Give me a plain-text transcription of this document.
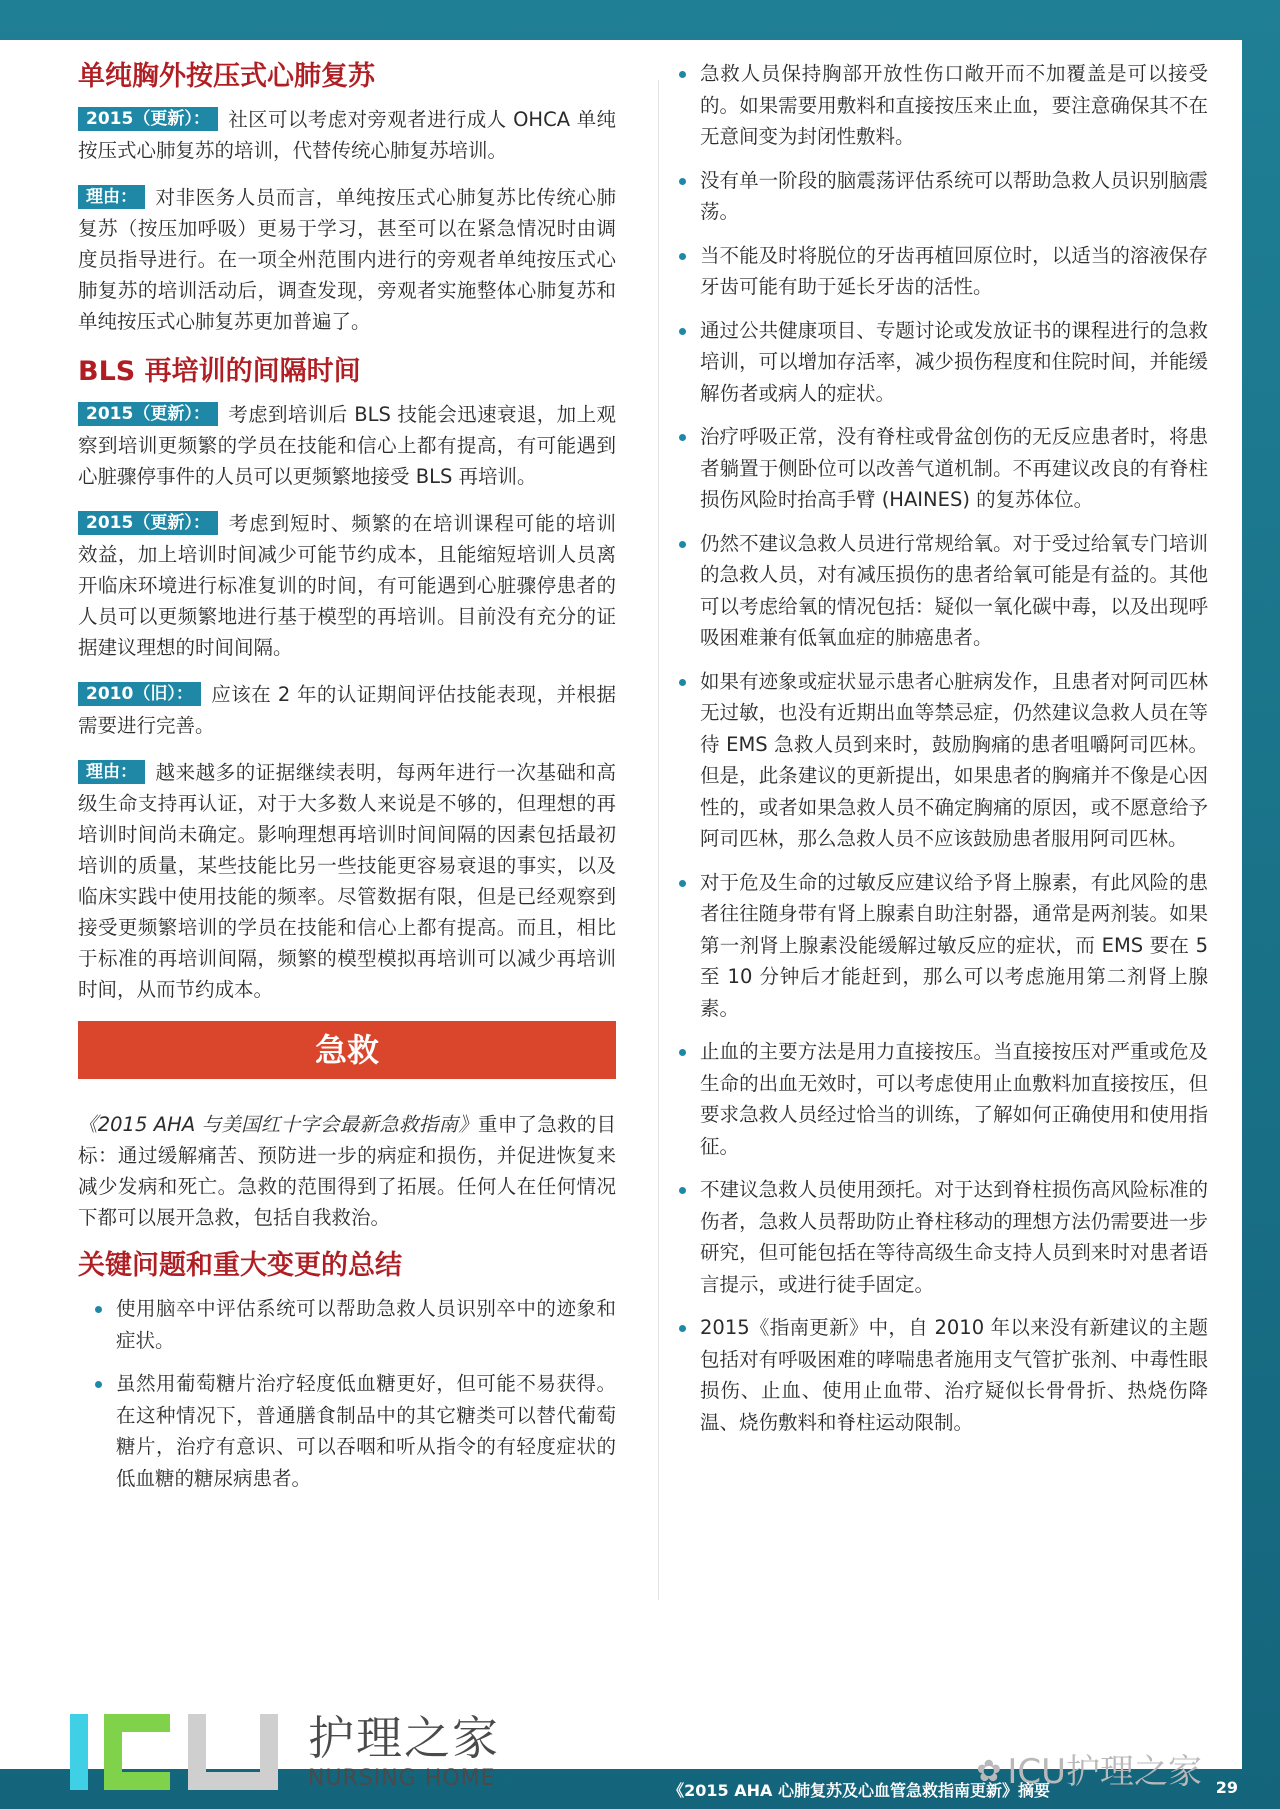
单纯胸外按压式心肺复苏

2015（更新）： 社区可以考虑对旁观者进行成人 OHCA 单纯按压式心肺复苏的培训，代替传统心肺复苏培训。

理由： 对非医务人员而言，单纯按压式心肺复苏比传统心肺复苏（按压加呼吸）更易于学习，甚至可以在紧急情况时由调度员指导进行。在一项全州范围内进行的旁观者单纯按压式心肺复苏的培训活动后，调查发现，旁观者实施整体心肺复苏和单纯按压式心肺复苏更加普遍了。

BLS 再培训的间隔时间

2015（更新）： 考虑到培训后 BLS 技能会迅速衰退，加上观察到培训更频繁的学员在技能和信心上都有提高，有可能遇到心脏骤停事件的人员可以更频繁地接受 BLS 再培训。

2015（更新）： 考虑到短时、频繁的在培训课程可能的培训效益，加上培训时间减少可能节约成本，且能缩短培训人员离开临床环境进行标准复训的时间，有可能遇到心脏骤停患者的人员可以更频繁地进行基于模型的再培训。目前没有充分的证据建议理想的时间间隔。

2010（旧）： 应该在 2 年的认证期间评估技能表现，并根据需要进行完善。

理由： 越来越多的证据继续表明，每两年进行一次基础和高级生命支持再认证，对于大多数人来说是不够的，但理想的再培训时间尚未确定。影响理想再培训时间间隔的因素包括最初培训的质量，某些技能比另一些技能更容易衰退的事实，以及临床实践中使用技能的频率。尽管数据有限，但是已经观察到接受更频繁培训的学员在技能和信心上都有提高。而且，相比于标准的再培训间隔，频繁的模型模拟再培训可以减少再培训时间，从而节约成本。

急救

《2015 AHA 与美国红十字会最新急救指南》重申了急救的目标：通过缓解痛苦、预防进一步的病症和损伤，并促进恢复来减少发病和死亡。急救的范围得到了拓展。任何人在任何情况下都可以展开急救，包括自我救治。

关键问题和重大变更的总结
使用脑卒中评估系统可以帮助急救人员识别卒中的迹象和症状。
虽然用葡萄糖片治疗轻度低血糖更好，但可能不易获得。在这种情况下，普通膳食制品中的其它糖类可以替代葡萄糖片，治疗有意识、可以吞咽和听从指令的有轻度症状的低血糖的糖尿病患者。
急救人员保持胸部开放性伤口敞开而不加覆盖是可以接受的。如果需要用敷料和直接按压来止血，要注意确保其不在无意间变为封闭性敷料。
没有单一阶段的脑震荡评估系统可以帮助急救人员识别脑震荡。
当不能及时将脱位的牙齿再植回原位时，以适当的溶液保存牙齿可能有助于延长牙齿的活性。
通过公共健康项目、专题讨论或发放证书的课程进行的急救培训，可以增加存活率，减少损伤程度和住院时间，并能缓解伤者或病人的症状。
治疗呼吸正常，没有脊柱或骨盆创伤的无反应患者时，将患者躺置于侧卧位可以改善气道机制。不再建议改良的有脊柱损伤风险时抬高手臂 (HAINES) 的复苏体位。
仍然不建议急救人员进行常规给氧。对于受过给氧专门培训的急救人员，对有减压损伤的患者给氧可能是有益的。其他可以考虑给氧的情况包括：疑似一氧化碳中毒，以及出现呼吸困难兼有低氧血症的肺癌患者。
如果有迹象或症状显示患者心脏病发作，且患者对阿司匹林无过敏，也没有近期出血等禁忌症，仍然建议急救人员在等待 EMS 急救人员到来时，鼓励胸痛的患者咀嚼阿司匹林。但是，此条建议的更新提出，如果患者的胸痛并不像是心因性的，或者如果急救人员不确定胸痛的原因，或不愿意给予阿司匹林，那么急救人员不应该鼓励患者服用阿司匹林。
对于危及生命的过敏反应建议给予肾上腺素，有此风险的患者往往随身带有肾上腺素自助注射器，通常是两剂装。如果第一剂肾上腺素没能缓解过敏反应的症状，而 EMS 要在 5 至 10 分钟后才能赶到，那么可以考虑施用第二剂肾上腺素。
止血的主要方法是用力直接按压。当直接按压对严重或危及生命的出血无效时，可以考虑使用止血敷料加直接按压，但要求急救人员经过恰当的训练，了解如何正确使用和使用指征。
不建议急救人员使用颈托。对于达到脊柱损伤高风险标准的伤者，急救人员帮助防止脊柱移动的理想方法仍需要进一步研究，但可能包括在等待高级生命支持人员到来时对患者语言提示，或进行徒手固定。
2015《指南更新》中，自 2010 年以来没有新建议的主题包括对有呼吸困难的哮喘患者施用支气管扩张剂、中毒性眼损伤、止血、使用止血带、治疗疑似长骨骨折、热烧伤降温、烧伤敷料和脊柱运动限制。
护理之家
NURSING HOME	✿ ICU护理之家
《2015 AHA 心肺复苏及心血管急救指南更新》摘要	29
